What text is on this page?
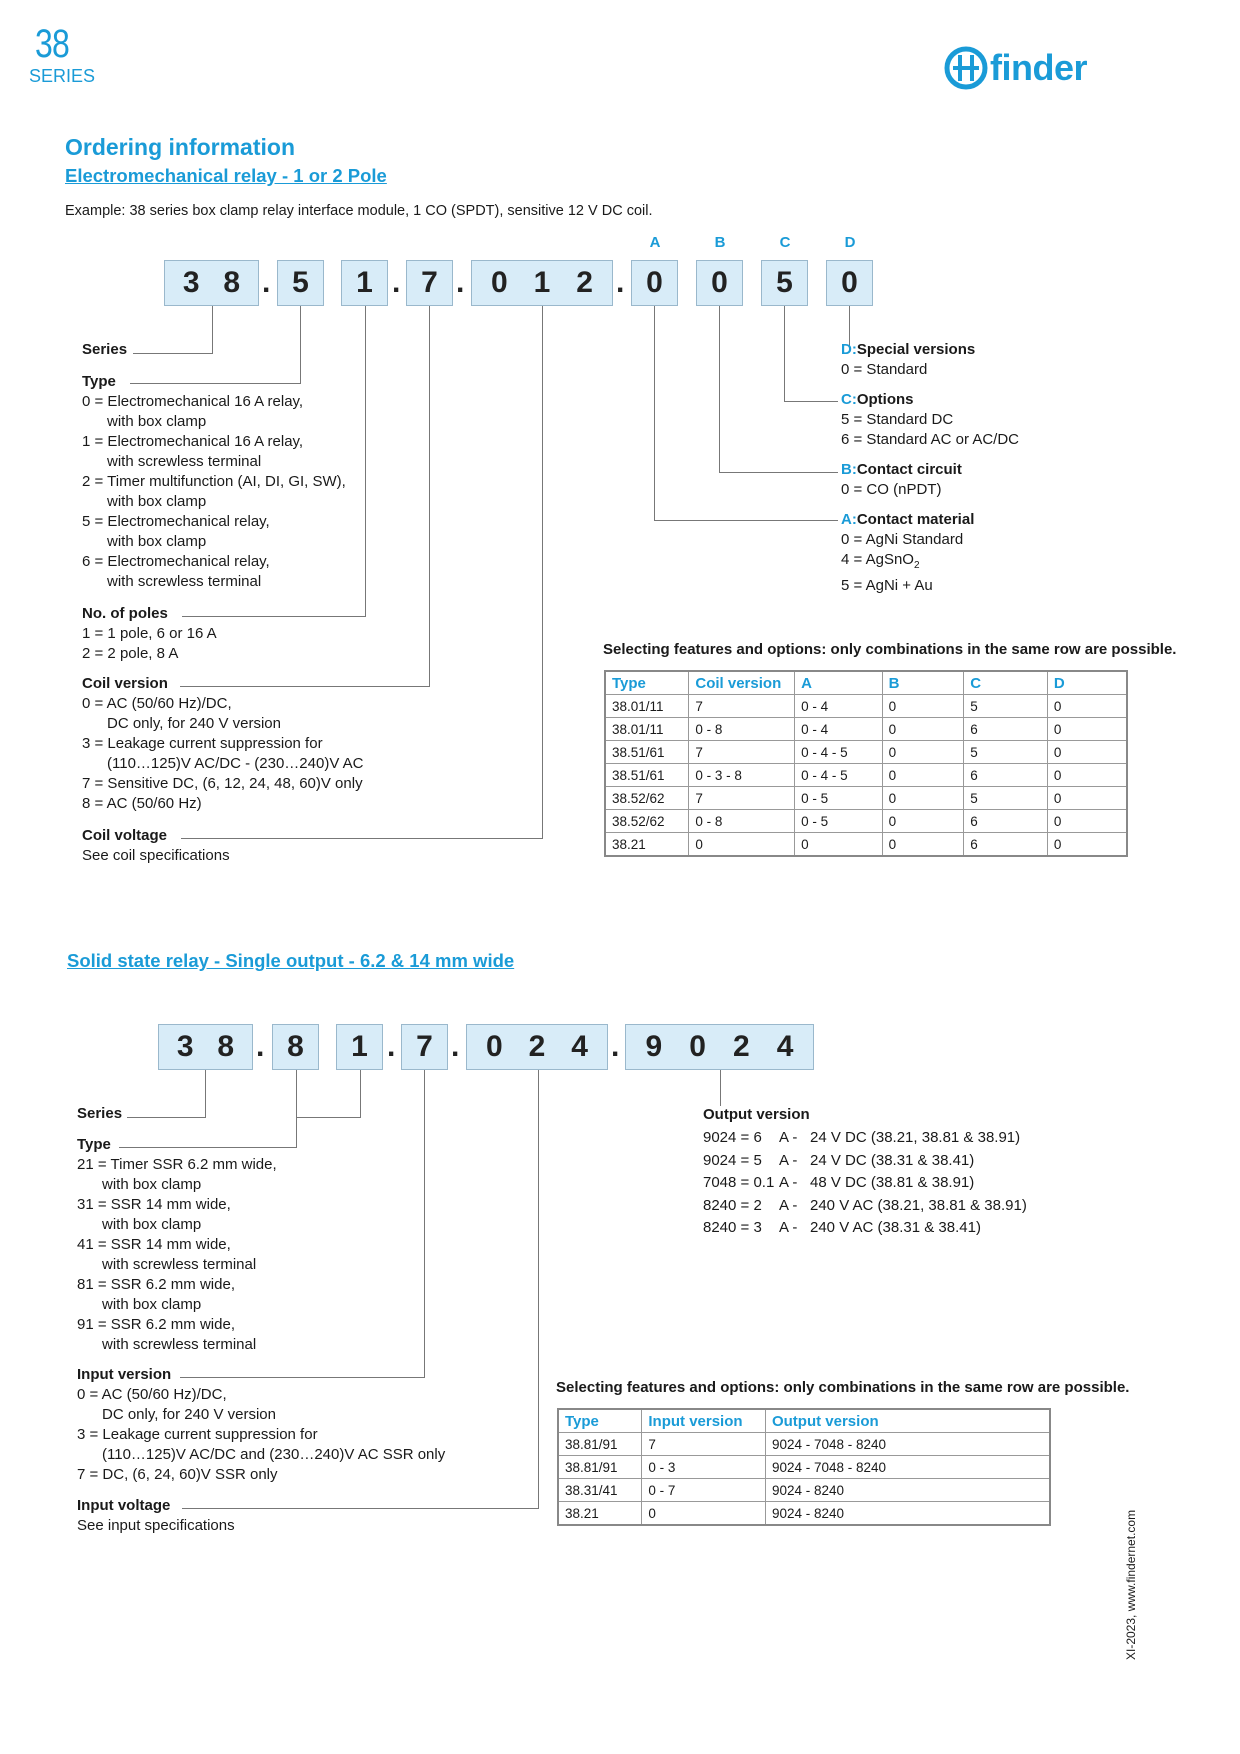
38
SERIES	finder
Ordering information
Electromechanical relay - 1 or 2 Pole
Example: 38 series box clamp relay interface module, 1 CO (SPDT), sensitive 12 V DC coil.
A	B	C	D
3 8 . 5 1 . 7 . 0 1 2 . 0 0 5 0
Series
Type
0 = Electromechanical 16 A relay,
with box clamp
1 = Electromechanical 16 A relay,
with screwless terminal
2 = Timer multifunction (AI, DI, GI, SW),
with box clamp
5 = Electromechanical relay,
with box clamp
6 = Electromechanical relay,
with screwless terminal
No. of poles
1 = 1 pole, 6 or 16 A
2 = 2 pole, 8 A
Coil version
0 = AC (50/60 Hz)/DC,
DC only, for 240 V version
3 = Leakage current suppression for
(110…125)V AC/DC - (230…240)V AC
7 = Sensitive DC, (6, 12, 24, 48, 60)V only
8 = AC (50/60 Hz)
Coil voltage
See coil specifications
D:Special versions
0 = Standard
C:Options
5 = Standard DC
6 = Standard AC or AC/DC
B:Contact circuit
0 = CO (nPDT)
A:Contact material
0 = AgNi Standard
4 = AgSnO$_2$
5 = AgNi + Au
Selecting features and options: only combinations in the same row are possible.
Type	Coil version	A	B	C	D
38.01/11	7	0 - 4	0	5	0
38.01/11	0 - 8	0 - 4	0	6	0
38.51/61	7	0 - 4 - 5	0	5	0
38.51/61	0 - 3 - 8	0 - 4 - 5	0	6	0
38.52/62	7	0 - 5	0	5	0
38.52/62	0 - 8	0 - 5	0	6	0
38.21	0	0	0	6	0
Solid state relay - Single output - 6.2 & 14 mm wide
3 8 . 8 1 . 7 . 0 2 4 . 9 0 2 4
Series
Type
21 = Timer SSR 6.2 mm wide,
with box clamp
31 = SSR 14 mm wide,
with box clamp
41 = SSR 14 mm wide,
with screwless terminal
81 = SSR 6.2 mm wide,
with box clamp
91 = SSR 6.2 mm wide,
with screwless terminal
Input version
0 = AC (50/60 Hz)/DC,
DC only, for 240 V version
3 = Leakage current suppression for
(110…125)V AC/DC and (230…240)V AC SSR only
7 = DC, (6, 24, 60)V SSR only
Input voltage
See input specifications
Output version
9024 = 6	A - 24 V DC (38.21, 38.81 & 38.91)
9024 = 5	A - 24 V DC (38.31 & 38.41)
7048 = 0.1 A - 48 V DC (38.81 & 38.91)
8240 = 2	A - 240 V AC (38.21, 38.81 & 38.91)
8240 = 3	A - 240 V AC (38.31 & 38.41)
Selecting features and options: only combinations in the same row are possible.
Type	Input version	Output version
38.81/91	7	9024 - 7048 - 8240
38.81/91	0 - 3	9024 - 7048 - 8240
38.31/41	0 - 7	9024 - 8240
38.21	0	9024 - 8240	XI-2023, www.findernet.com
